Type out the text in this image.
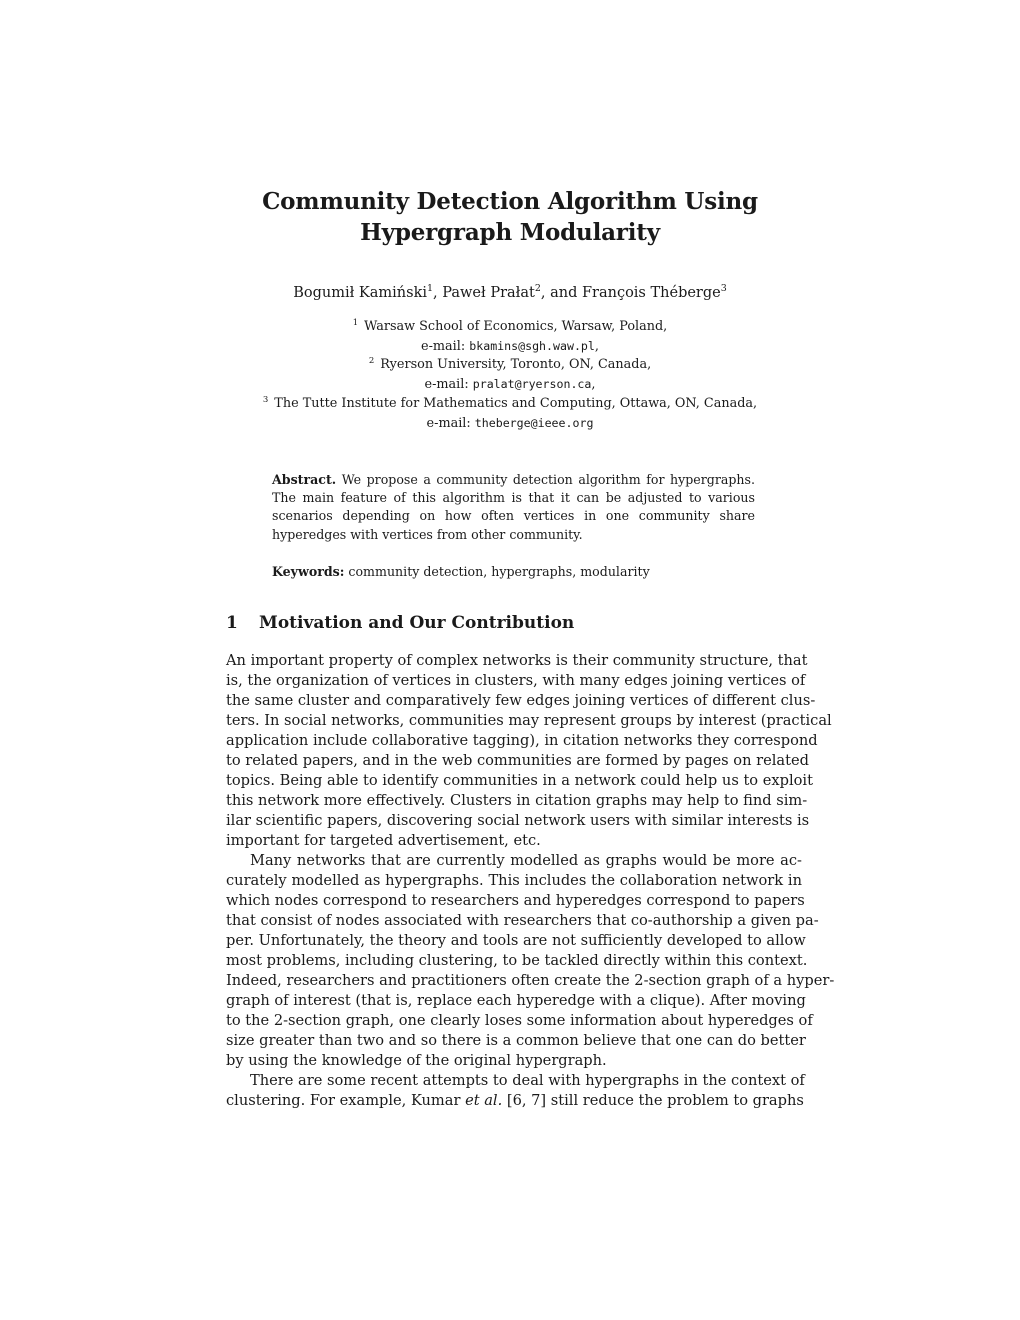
Community Detection Algorithm Using
Hypergraph Modularity
Bogumił Kamiński$^1$, Paweł Prałat$^2$, and François Théberge$^3$
$^1$ Warsaw School of Economics, Warsaw, Poland,
e-mail: bkamins@sgh.waw.pl,
$^2$ Ryerson University, Toronto, ON, Canada,
e-mail: pralat@ryerson.ca,
$^3$ The Tutte Institute for Mathematics and Computing, Ottawa, ON, Canada,
e-mail: theberge@ieee.org
Abstract. We propose a community detection algorithm for hypergraphs. The main feature of this algorithm is that it can be adjusted to various scenarios depending on how often vertices in one community share hyperedges with vertices from other community.
Keywords: community detection, hypergraphs, modularity
1 Motivation and Our Contribution
An important property of complex networks is their community structure, that
is, the organization of vertices in clusters, with many edges joining vertices of
the same cluster and comparatively few edges joining vertices of different clus-
ters. In social networks, communities may represent groups by interest (practical
application include collaborative tagging), in citation networks they correspond
to related papers, and in the web communities are formed by pages on related
topics. Being able to identify communities in a network could help us to exploit
this network more effectively. Clusters in citation graphs may help to find sim-
ilar scientific papers, discovering social network users with similar interests is
important for targeted advertisement, etc.
Many networks that are currently modelled as graphs would be more ac-
curately modelled as hypergraphs. This includes the collaboration network in
which nodes correspond to researchers and hyperedges correspond to papers
that consist of nodes associated with researchers that co-authorship a given pa-
per. Unfortunately, the theory and tools are not sufficiently developed to allow
most problems, including clustering, to be tackled directly within this context.
Indeed, researchers and practitioners often create the 2-section graph of a hyper-
graph of interest (that is, replace each hyperedge with a clique). After moving
to the 2-section graph, one clearly loses some information about hyperedges of
size greater than two and so there is a common believe that one can do better
by using the knowledge of the original hypergraph.
There are some recent attempts to deal with hypergraphs in the context of
clustering. For example, Kumar et al. [6, 7] still reduce the problem to graphs
